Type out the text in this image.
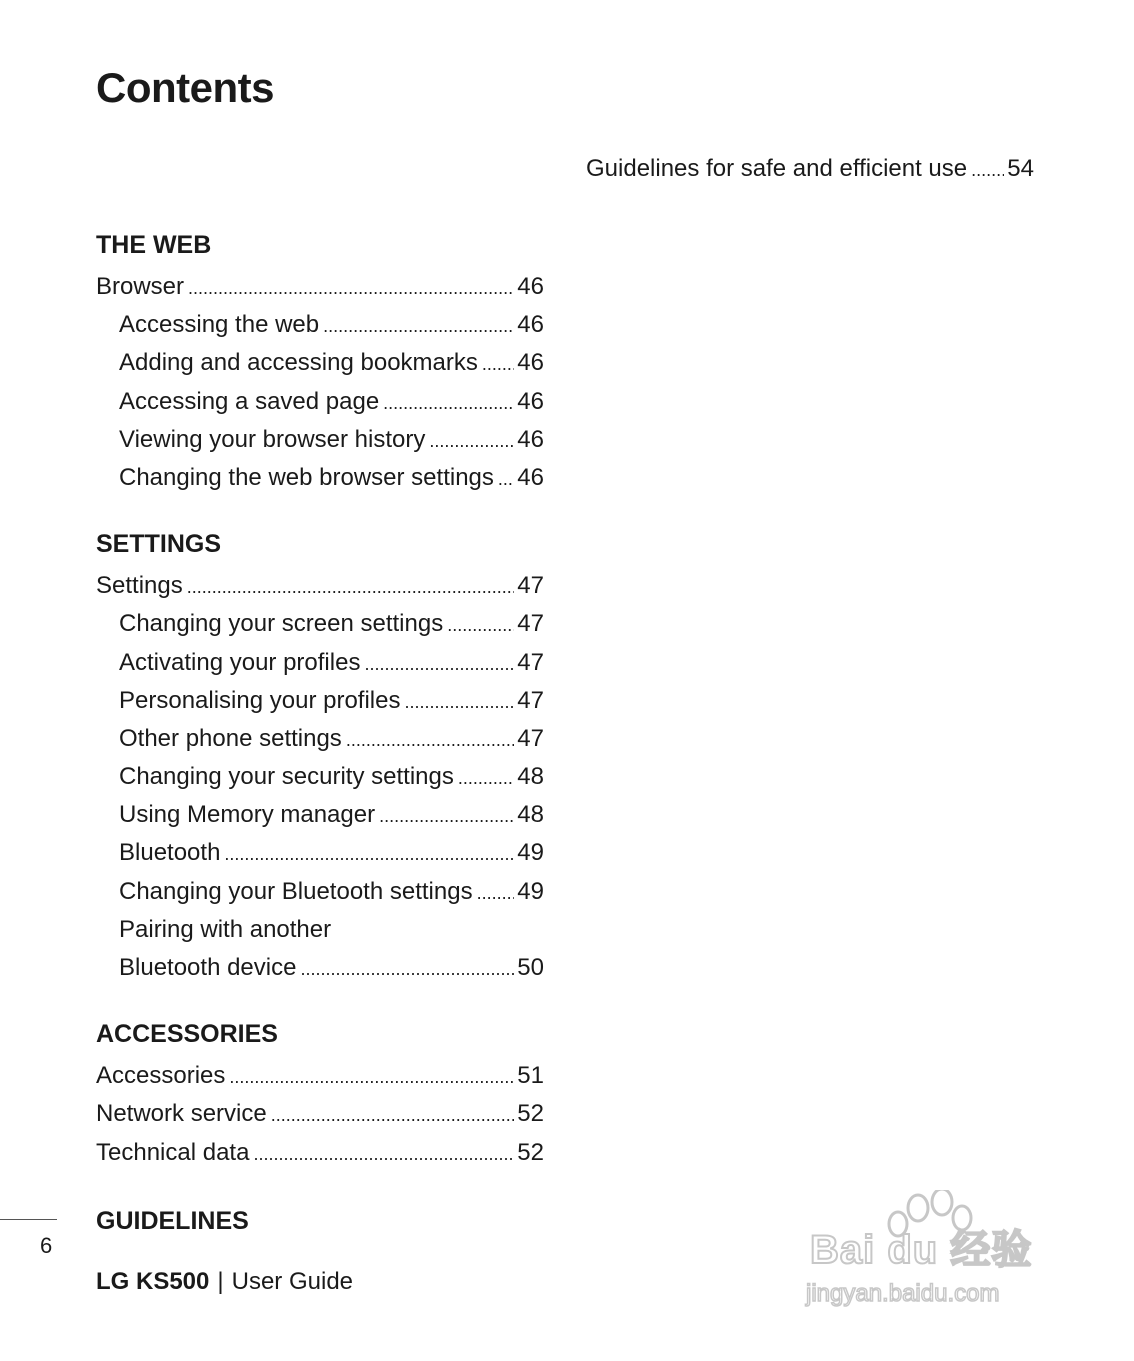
Contents
THE WEB
Browser .....	46
Accessing the web .....	46
Adding and accessing bookmarks ..... 46
Accessing a saved page .....	46
Viewing your browser history .....	46
Changing the web browser settings ..... 46
SETTINGS
Settings .....	47
Changing your screen settings .....	47
Activating your profiles .....	47
Personalising your profiles .....	47
Other phone settings .....	47
Changing your security settings .....	48
Using Memory manager .....	48
Bluetooth .....	49
Changing your Bluetooth settings ..... 49
Pairing with another
Bluetooth device .....	50
ACCESSORIES
Accessories .....	51
Network service .....	52
Technical data .....	52
GUIDELINES
Guidelines for safe and efficient use ..... 54
6
LG KS500 | User Guide
Bai du 经验
jingyan.baidu.com
